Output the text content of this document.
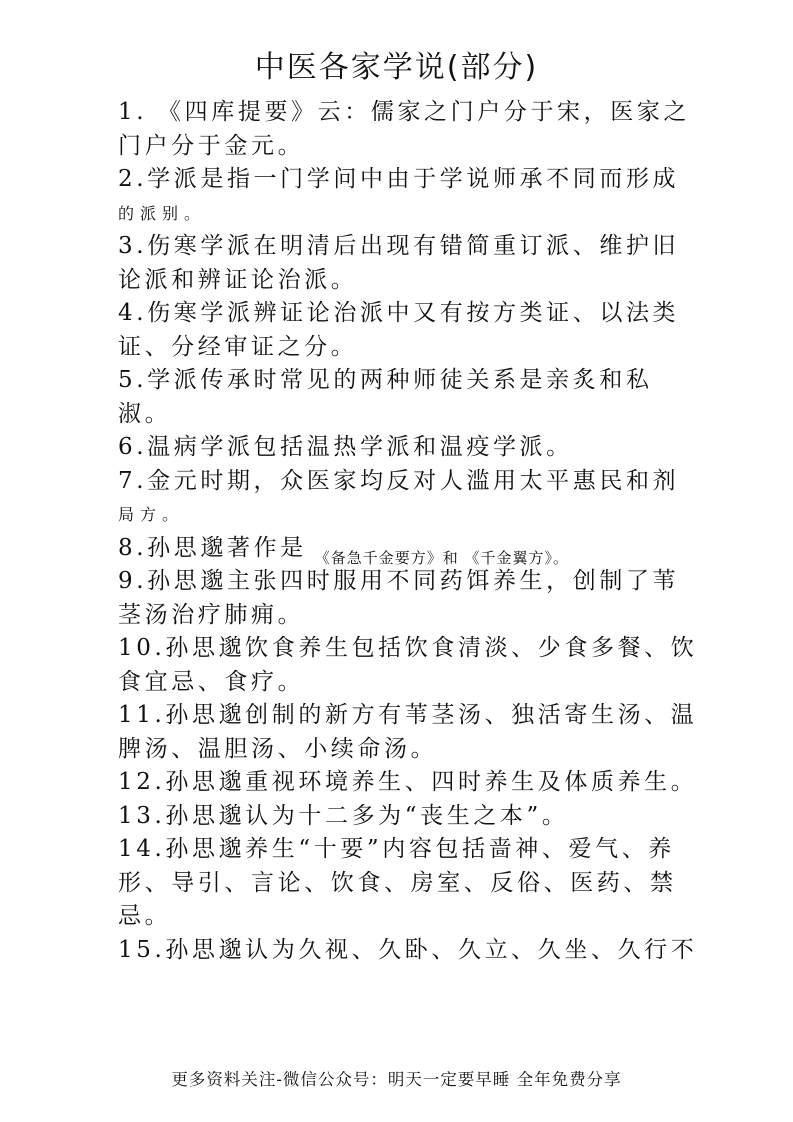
中医各家学说(部分)
1. 《四库提要》云：儒家之门户分于宋，医家之
门户分于金元。
2.学派是指一门学问中由于学说师承不同而形成
的派别。
3.伤寒学派在明清后出现有错简重订派、维护旧
论派和辨证论治派。
4.伤寒学派辨证论治派中又有按方类证、以法类
证、分经审证之分。
5.学派传承时常见的两种师徒关系是亲炙和私
淑。
6.温病学派包括温热学派和温疫学派。
7.金元时期，众医家均反对人滥用太平惠民和剂
局方。
8.孙思邈著作是 $_{《备急千金要方》和 《千金翼方》。}$
9.孙思邈主张四时服用不同药饵养生，创制了苇
茎汤治疗肺痈。
10.孙思邈饮食养生包括饮食清淡、少食多餐、饮
食宜忌、食疗。
11.孙思邈创制的新方有苇茎汤、独活寄生汤、温
脾汤、温胆汤、小续命汤。
12.孙思邈重视环境养生、四时养生及体质养生。
13.孙思邈认为十二多为“丧生之本”。
14.孙思邈养生“十要”内容包括啬神、爱气、养
形、导引、言论、饮食、房室、反俗、医药、禁
忌。
15.孙思邈认为久视、久卧、久立、久坐、久行不
更多资料关注-微信公众号：明天一定要早睡 全年免费分享
